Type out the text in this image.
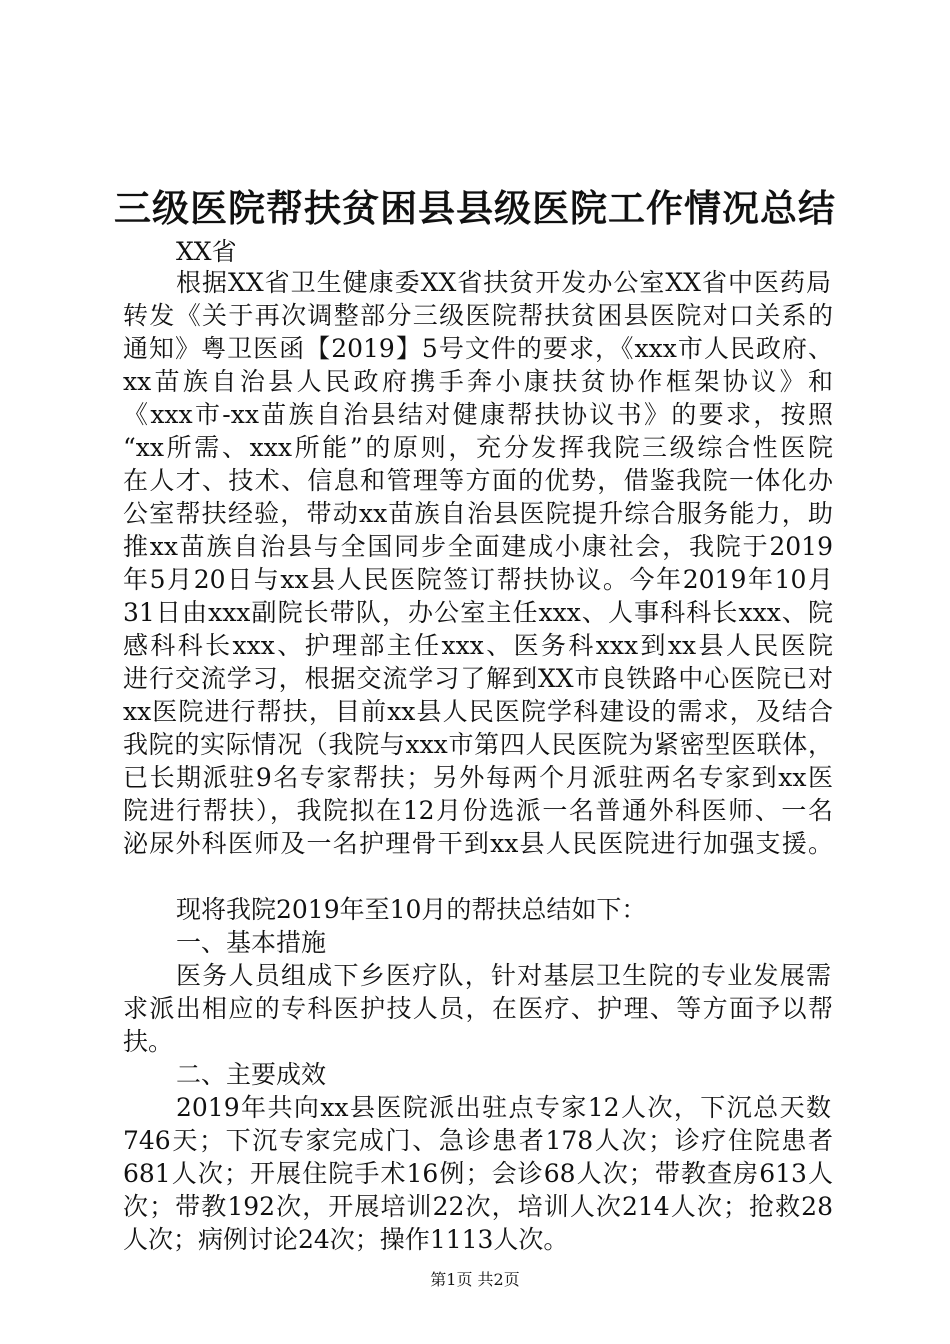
三级医院帮扶贫困县县级医院工作情况总结

XX省

根据XX省卫生健康委XX省扶贫开发办公室XX省中医药局

转发《关于再次调整部分三级医院帮扶贫困县医院对口关系的

通知》粤卫医函【2019】5号文件的要求，《xxx市人民政府、

xx苗族自治县人民政府携手奔小康扶贫协作框架协议》和

《xxx市-xx苗族自治县结对健康帮扶协议书》的要求，按照

“xx所需、xxx所能”的原则，充分发挥我院三级综合性医院

在人才、技术、信息和管理等方面的优势，借鉴我院一体化办

公室帮扶经验，带动xx苗族自治县医院提升综合服务能力，助

推xx苗族自治县与全国同步全面建成小康社会，我院于2019

年5月20日与xx县人民医院签订帮扶协议。今年2019年10月

31日由xxx副院长带队，办公室主任xxx、人事科科长xxx、院

感科科长xxx、护理部主任xxx、医务科xxx到xx县人民医院

进行交流学习，根据交流学习了解到XX市良铁路中心医院已对

xx医院进行帮扶，目前xx县人民医院学科建设的需求，及结合

我院的实际情况（我院与xxx市第四人民医院为紧密型医联体，

已长期派驻9名专家帮扶；另外每两个月派驻两名专家到xx医

院进行帮扶），我院拟在12月份选派一名普通外科医师、一名

泌尿外科医师及一名护理骨干到xx县人民医院进行加强支援。

现将我院2019年至10月的帮扶总结如下：

一、基本措施

医务人员组成下乡医疗队，针对基层卫生院的专业发展需

求派出相应的专科医护技人员，在医疗、护理、等方面予以帮

扶。

二、主要成效

2019年共向xx县医院派出驻点专家12人次，下沉总天数

746天；下沉专家完成门、急诊患者178人次；诊疗住院患者

681人次；开展住院手术16例；会诊68人次；带教查房613人

次；带教192次，开展培训22次，培训人次214人次；抢救28

人次；病例讨论24次；操作1113人次。

第1页 共2页
